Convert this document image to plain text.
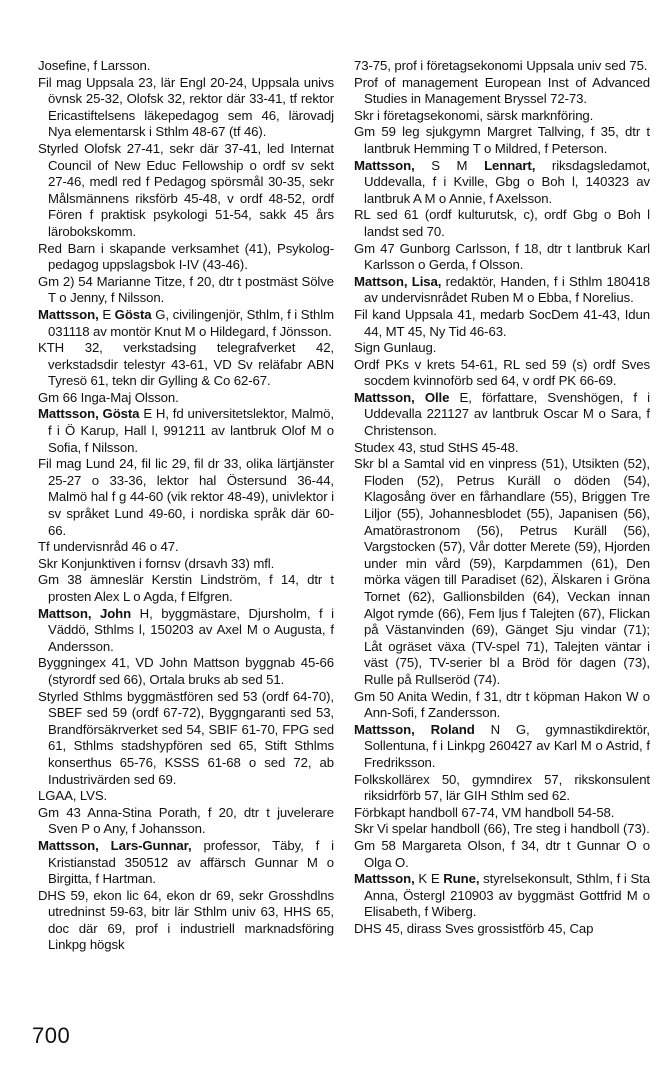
Josefine, f Larsson.
Fil mag Uppsala 23, lär Engl 20-24, Uppsala univs övnsk 25-32, Olofsk 32, rektor där 33-41, tf rektor Ericastiftelsens läkepedagog sem 46, lärovadj Nya elementarsk i Sthlm 48-67 (tf 46).
Styrled Olofsk 27-41, sekr där 37-41, led Internat Council of New Educ Fellowship o ordf sv sekt 27-46, medl red f Pedagog spörsmål 30-35, sekr Målsmännens riksförb 45-48, v ordf 48-52, ordf Fören f praktisk psykologi 51-54, sakk 45 års lärobokskomm.
Red Barn i skapande verksamhet (41), Psykolog-pedagog uppslagsbok I-IV (43-46).
Gm 2) 54 Marianne Titze, f 20, dtr t postmäst Sölve T o Jenny, f Nilsson.
Mattsson, E Gösta G, civilingenjör, Sthlm, f i Sthlm 031118 av montör Knut M o Hildegard, f Jönsson.
KTH 32, verkstadsing telegrafverket 42, verkstadsdir telestyr 43-61, VD Sv reläfabr ABN Tyresö 61, tekn dir Gylling & Co 62-67.
Gm 66 Inga-Maj Olsson.
Mattsson, Gösta E H, fd universitetslektor, Malmö, f i Ö Karup, Hall l, 991211 av lantbruk Olof M o Sofia, f Nilsson.
Fil mag Lund 24, fil lic 29, fil dr 33, olika lärtjänster 25-27 o 33-36, lektor hal Östersund 36-44, Malmö hal f g 44-60 (vik rektor 48-49), univlektor i sv språket Lund 49-60, i nordiska språk där 60-66.
Tf undervisnråd 46 o 47.
Skr Konjunktiven i fornsv (drsavh 33) mfl.
Gm 38 ämneslär Kerstin Lindström, f 14, dtr t prosten Alex L o Agda, f Elfgren.
Mattson, John H, byggmästare, Djursholm, f i Väddö, Sthlms l, 150203 av Axel M o Augusta, f Andersson.
Byggningex 41, VD John Mattson byggnab 45-66 (styrordf sed 66), Ortala bruks ab sed 51.
Styrled Sthlms byggmästfören sed 53 (ordf 64-70), SBEF sed 59 (ordf 67-72), Byggngaranti sed 53, Brandförsäkrverket sed 54, SBIF 61-70, FPG sed 61, Sthlms stadshypfören sed 65, Stift Sthlms konserthus 65-76, KSSS 61-68 o sed 72, ab Industrivärden sed 69.
LGAA, LVS.
Gm 43 Anna-Stina Porath, f 20, dtr t juvelerare Sven P o Any, f Johansson.
Mattsson, Lars-Gunnar, professor, Täby, f i Kristianstad 350512 av affärsch Gunnar M o Birgitta, f Hartman.
DHS 59, ekon lic 64, ekon dr 69, sekr Grosshdlns utredninst 59-63, bitr lär Sthlm univ 63, HHS 65, doc där 69, prof i industriell marknadsföring Linkpg högsk
73-75, prof i företagsekonomi Uppsala univ sed 75.
Prof of management European Inst of Advanced Studies in Management Bryssel 72-73.
Skr i företagsekonomi, särsk marknföring.
Gm 59 leg sjukgymn Margret Tallving, f 35, dtr t lantbruk Hemming T o Mildred, f Peterson.
Mattsson, S M Lennart, riksdagsledamot, Uddevalla, f i Kville, Gbg o Boh l, 140323 av lantbruk A M o Annie, f Axelsson.
RL sed 61 (ordf kulturutsk, c), ordf Gbg o Boh l landst sed 70.
Gm 47 Gunborg Carlsson, f 18, dtr t lantbruk Karl Karlsson o Gerda, f Olsson.
Mattson, Lisa, redaktör, Handen, f i Sthlm 180418 av undervisnrådet Ruben M o Ebba, f Norelius.
Fil kand Uppsala 41, medarb SocDem 41-43, Idun 44, MT 45, Ny Tid 46-63.
Sign Gunlaug.
Ordf PKs v krets 54-61, RL sed 59 (s) ordf Sves socdem kvinnoförb sed 64, v ordf PK 66-69.
Mattsson, Olle E, författare, Svenshögen, f i Uddevalla 221127 av lantbruk Oscar M o Sara, f Christenson.
Studex 43, stud StHS 45-48.
Skr bl a Samtal vid en vinpress (51), Utsikten (52), Floden (52), Petrus Kuräll o döden (54), Klagosång över en fårhandlare (55), Briggen Tre Liljor (55), Johannesblodet (55), Japanisen (56), Amatörastronom (56), Petrus Kuräll (56), Vargstocken (57), Vår dotter Merete (59), Hjorden under min vård (59), Karpdammen (61), Den mörka vägen till Paradiset (62), Älskaren i Gröna Tornet (62), Gallionsbilden (64), Veckan innan Algot rymde (66), Fem ljus f Talejten (67), Flickan på Västanvinden (69), Gänget Sju vindar (71); Låt ogräset växa (TV-spel 71), Talejten väntar i väst (75), TV-serier bl a Bröd för dagen (73), Rulle på Rullseröd (74).
Gm 50 Anita Wedin, f 31, dtr t köpman Hakon W o Ann-Sofi, f Zandersson.
Mattsson, Roland N G, gymnastikdirektör, Sollentuna, f i Linkpg 260427 av Karl M o Astrid, f Fredriksson.
Folkskollärex 50, gymndirex 57, rikskonsulent riksidrförb 57, lär GIH Sthlm sed 62.
Förbkapt handboll 67-74, VM handboll 54-58.
Skr Vi spelar handboll (66), Tre steg i handboll (73).
Gm 58 Margareta Olson, f 34, dtr t Gunnar O o Olga O.
Mattsson, K E Rune, styrelsekonsult, Sthlm, f i Sta Anna, Östergl 210903 av byggmäst Gottfrid M o Elisabeth, f Wiberg.
DHS 45, dirass Sves grossistförb 45, Cap
700
